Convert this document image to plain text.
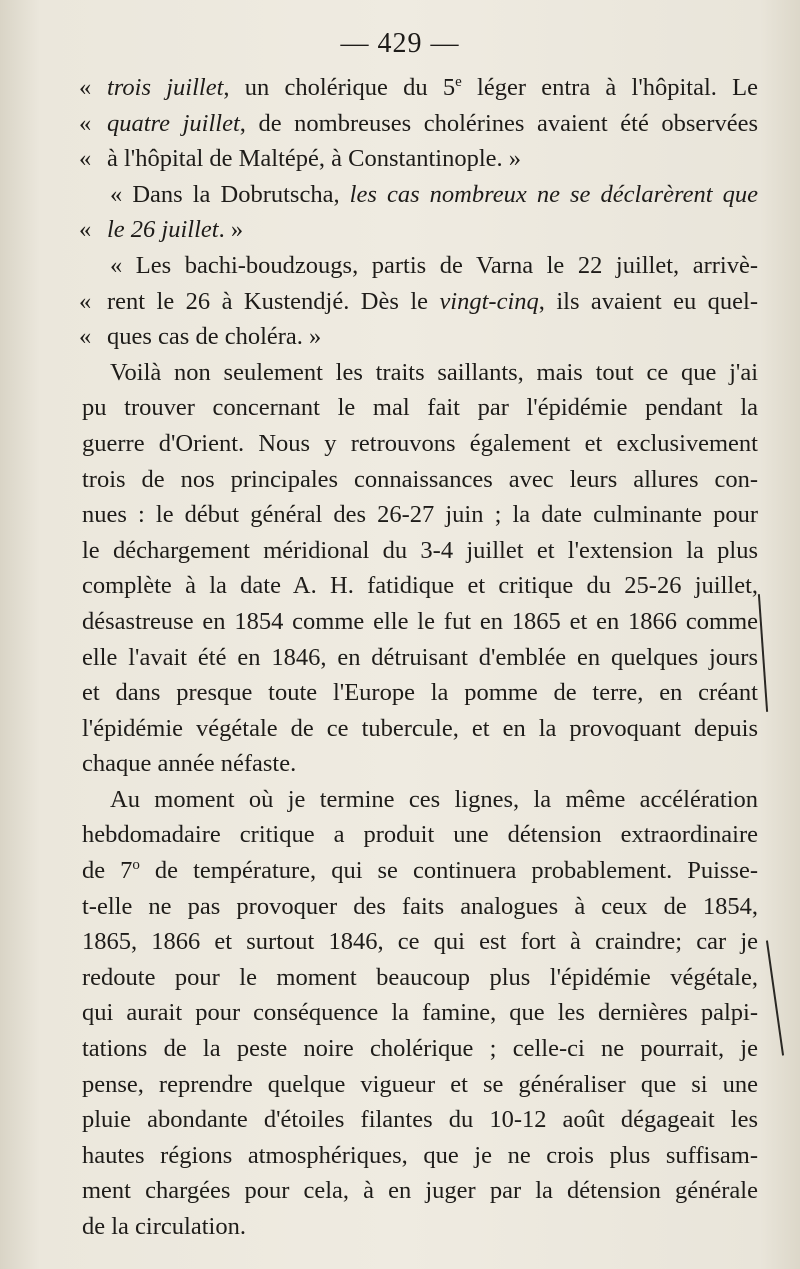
— 429 —
« trois juillet, un cholérique du 5e léger entra à l'hôpital. Le
« quatre juillet, de nombreuses cholérines avaient été observées
« à l'hôpital de Maltépé, à Constantinople. »
« Dans la Dobrutscha, les cas nombreux ne se déclarèrent que
« le 26 juillet. »
« Les bachi-boudzougs, partis de Varna le 22 juillet, arrivè-
« rent le 26 à Kustendjé. Dès le vingt-cinq, ils avaient eu quel-
« ques cas de choléra. »
Voilà non seulement les traits saillants, mais tout ce que j'ai
pu trouver concernant le mal fait par l'épidémie pendant la
guerre d'Orient. Nous y retrouvons également et exclusivement
trois de nos principales connaissances avec leurs allures con-
nues : le début général des 26-27 juin ; la date culminante pour
le déchargement méridional du 3-4 juillet et l'extension la plus
complète à la date A. H. fatidique et critique du 25-26 juillet,
désastreuse en 1854 comme elle le fut en 1865 et en 1866 comme
elle l'avait été en 1846, en détruisant d'emblée en quelques jours
et dans presque toute l'Europe la pomme de terre, en créant
l'épidémie végétale de ce tubercule, et en la provoquant depuis
chaque année néfaste.
Au moment où je termine ces lignes, la même accélération
hebdomadaire critique a produit une détension extraordinaire
de 7$^o$ de température, qui se continuera probablement. Puisse-
t-elle ne pas provoquer des faits analogues à ceux de 1854,
1865, 1866 et surtout 1846, ce qui est fort à craindre; car je
redoute pour le moment beaucoup plus l'épidémie végétale,
qui aurait pour conséquence la famine, que les dernières palpi-
tations de la peste noire cholérique ; celle-ci ne pourrait, je
pense, reprendre quelque vigueur et se généraliser que si une
pluie abondante d'étoiles filantes du 10-12 août dégageait les
hautes régions atmosphériques, que je ne crois plus suffisam-
ment chargées pour cela, à en juger par la détension générale
de la circulation.
